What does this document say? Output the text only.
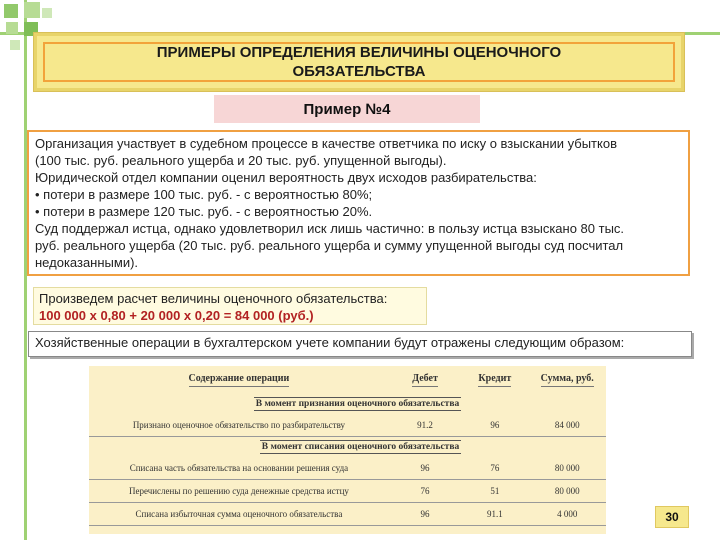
ПРИМЕРЫ ОПРЕДЕЛЕНИЯ ВЕЛИЧИНЫ ОЦЕНОЧНОГО
ОБЯЗАТЕЛЬСТВА
Пример №4
Организация участвует в судебном процессе в качестве ответчика по иску о взыскании убытков
(100 тыс. руб. реального ущерба и 20 тыс. руб. упущенной выгоды).
Юридической отдел компании оценил вероятность двух исходов разбирательства:
• потери в размере 100 тыс. руб. - с вероятностью 80%;
• потери в размере 120 тыс. руб. - с вероятностью 20%.
Суд поддержал истца, однако удовлетворил иск лишь частично: в пользу истца взыскано 80 тыс.
руб. реального ущерба (20 тыс. руб. реального ущерба и сумму упущенной выгоды суд посчитал
недоказанными).
Произведем расчет величины оценочного обязательства:
100 000 х 0,80 + 20 000 х 0,20 = 84 000 (руб.)
Хозяйственные операции в бухгалтерском учете компании будут отражены следующим образом:
Содержание операции	Дебет	Кредит	Сумма, руб.
В момент признания оценочного обязательства			
Признано оценочное обязательство по разбирательству	91.2	96	84 000
В момент списания оценочного обязательства			
Списана часть обязательства на основании решения суда	96	76	80 000
Перечислены по решению суда денежные средства истцу	76	51	80 000
Списана избыточная сумма оценочного обязательства	96	91.1	4 000	30
